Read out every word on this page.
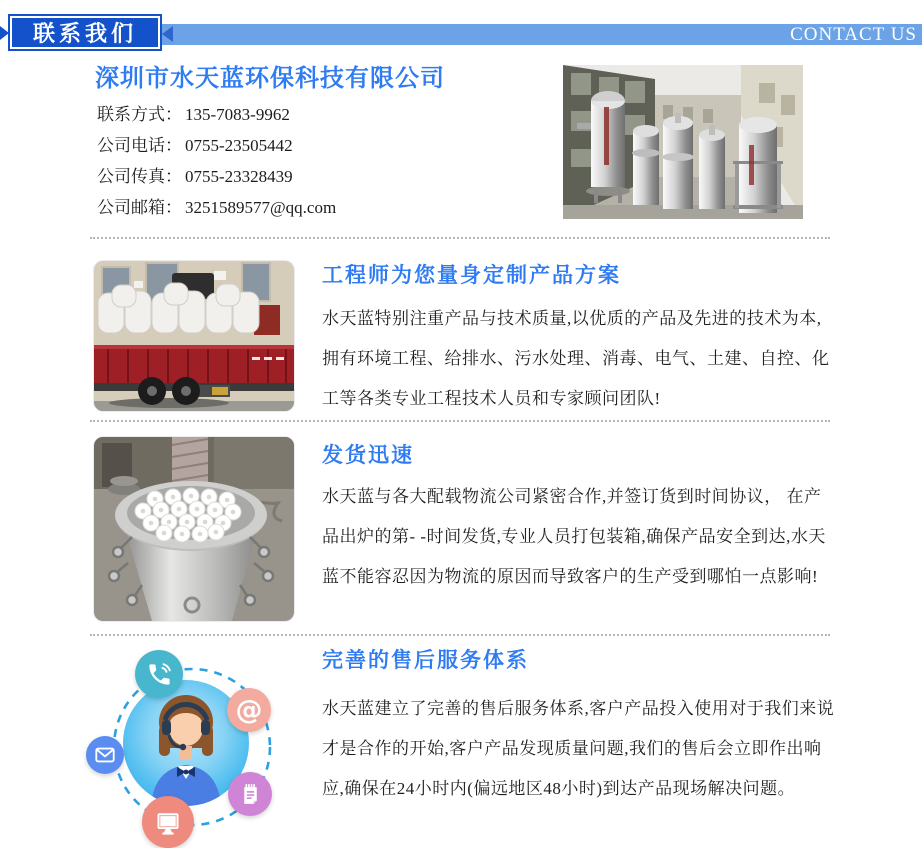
联系我们	CONTACT US
深圳市水天蓝环保科技有限公司
联系方式： 135-7083-9962
公司电话： 0755-23505442
公司传真： 0755-23328439
公司邮箱： 3251589577@qq.com
工程师为您量身定制产品方案
水天蓝特别注重产品与技术质量,以优质的产品及先进的技术为本,拥有环境工程、给排水、污水处理、消毒、电气、土建、自控、化工等各类专业工程技术人员和专家顾问团队!
发货迅速
水天蓝与各大配载物流公司紧密合作,并签订货到时间协议， 在产品出炉的第- -时间发货,专业人员打包装箱,确保产品安全到达,水天蓝不能容忍因为物流的原因而导致客户的生产受到哪怕一点影响!
@
完善的售后服务体系
水天蓝建立了完善的售后服务体系,客户产品投入使用对于我们来说才是合作的开始,客户产品发现质量问题,我们的售后会立即作出响应,确保在24小时内(偏远地区48小时)到达产品现场解决问题。
